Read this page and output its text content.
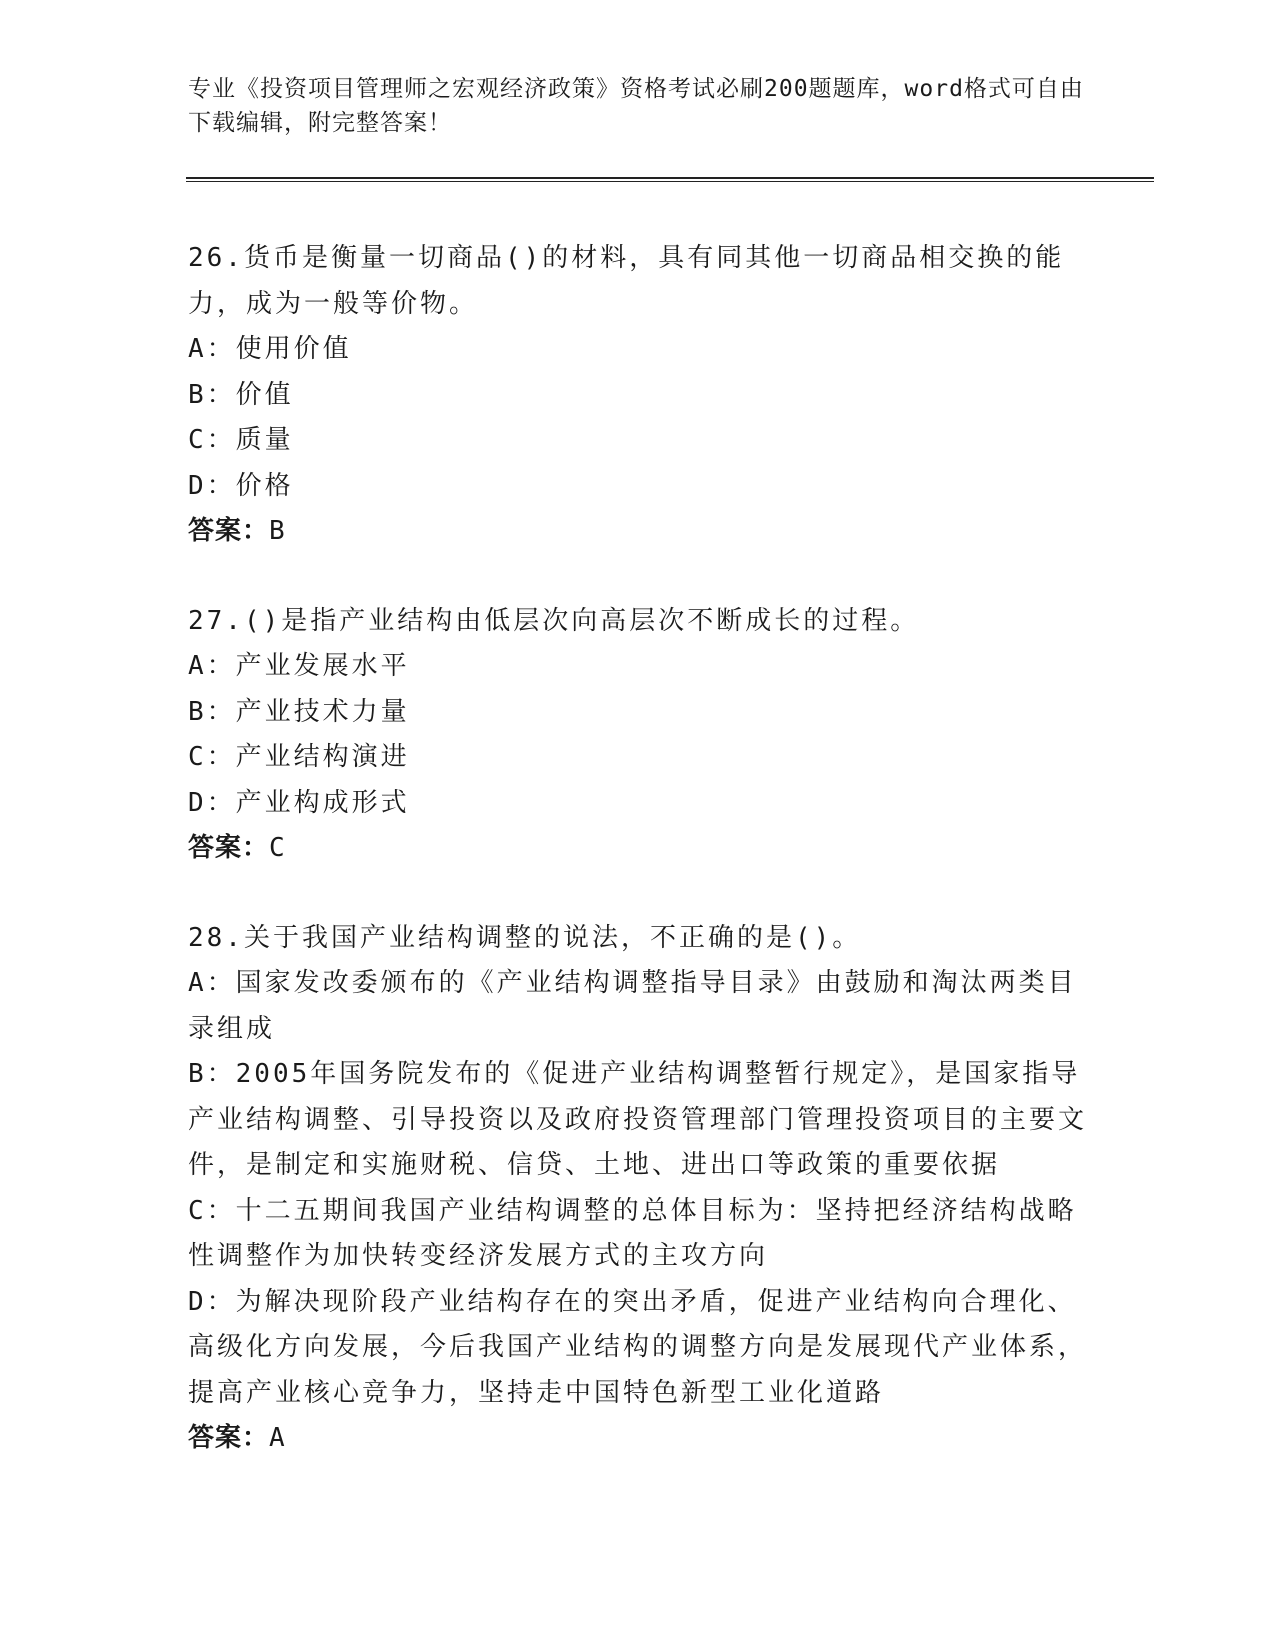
专业《投资项目管理师之宏观经济政策》资格考试必刷200题题库，word格式可自由下载编辑，附完整答案！
26.货币是衡量一切商品()的材料，具有同其他一切商品相交换的能力，成为一般等价物。
A：使用价值
B：价值
C：质量
D：价格
答案：B
27.()是指产业结构由低层次向高层次不断成长的过程。
A：产业发展水平
B：产业技术力量
C：产业结构演进
D：产业构成形式
答案：C
28.关于我国产业结构调整的说法，不正确的是()。
A：国家发改委颁布的《产业结构调整指导目录》由鼓励和淘汰两类目录组成
B：2005年国务院发布的《促进产业结构调整暂行规定》，是国家指导产业结构调整、引导投资以及政府投资管理部门管理投资项目的主要文件，是制定和实施财税、信贷、土地、进出口等政策的重要依据
C：十二五期间我国产业结构调整的总体目标为：坚持把经济结构战略性调整作为加快转变经济发展方式的主攻方向
D：为解决现阶段产业结构存在的突出矛盾，促进产业结构向合理化、高级化方向发展，今后我国产业结构的调整方向是发展现代产业体系，提高产业核心竞争力，坚持走中国特色新型工业化道路
答案：A
